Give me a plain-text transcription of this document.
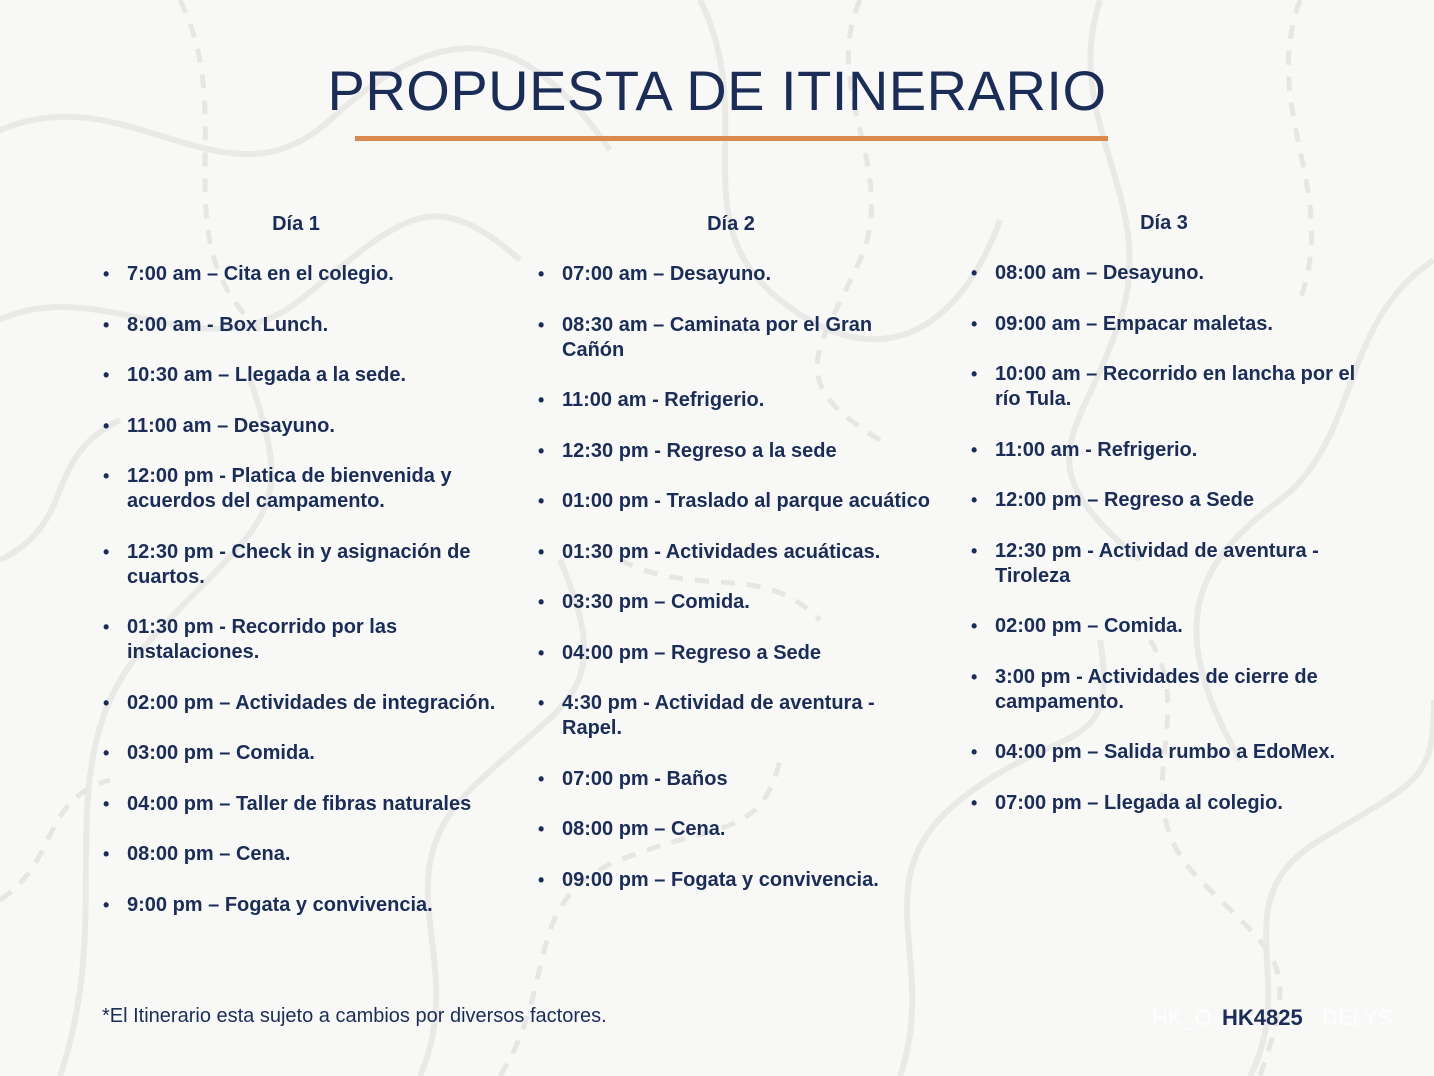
PROPUESTA DE ITINERARIO
Día 1
• 7:00 am – Cita en el colegio.
• 8:00 am - Box Lunch.
• 10:30 am – Llegada a la sede.
• 11:00 am – Desayuno.
• 12:00 pm - Platica de bienvenida y acuerdos del campamento.
• 12:30 pm - Check in y asignación de cuartos.
• 01:30 pm - Recorrido por las instalaciones.
• 02:00 pm – Actividades de integración.
• 03:00 pm – Comida.
• 04:00 pm – Taller de fibras naturales
• 08:00 pm – Cena.
• 9:00 pm – Fogata y convivencia.
Día 2
• 07:00 am – Desayuno.
• 08:30 am – Caminata por el Gran Cañón
• 11:00 am - Refrigerio.
• 12:30 pm - Regreso a la sede
• 01:00 pm - Traslado al parque acuático
• 01:30 pm - Actividades acuáticas.
• 03:30 pm – Comida.
• 04:00 pm – Regreso a Sede
• 4:30 pm - Actividad de aventura - Rapel.
• 07:00 pm - Baños
• 08:00 pm – Cena.
• 09:00 pm – Fogata y convivencia.
Día 3
• 08:00 am – Desayuno.
• 09:00 am – Empacar maletas.
• 10:00 am – Recorrido en lancha por el río Tula.
• 11:00 am - Refrigerio.
• 12:00 pm – Regreso a Sede
• 12:30 pm - Actividad de aventura - Tiroleza
• 02:00 pm – Comida.
• 3:00 pm - Actividades de cierre de campamento.
• 04:00 pm – Salida rumbo a EdoMex.
• 07:00 pm – Llegada al colegio.
*El Itinerario esta sujeto a cambios por diversos factores.	HK_O HK4825 DELYS
